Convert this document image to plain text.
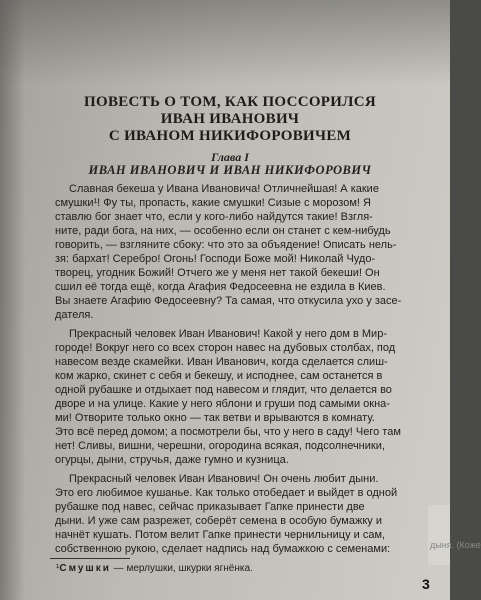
ПОВЕСТЬ О ТОМ, КАК ПОССОРИЛСЯ
ИВАН ИВАНОВИЧ
С ИВАНОМ НИКИФОРОВИЧЕМ
Глава I
ИВАН ИВАНОВИЧ И ИВАН НИКИФОРОВИЧ
Славная бекеша у Ивана Ивановича! Отличнейшая! А какие
смушки¹! Фу ты, пропасть, какие смушки! Сизые с морозом! Я
ставлю бог знает что, если у кого-либо найдутся такие! Взгля-
ните, ради бога, на них, — особенно если он станет с кем-нибудь
говорить, — взгляните сбоку: что это за объядение! Описать нель-
зя: бархат! Серебро! Огонь! Господи Боже мой! Николай Чудо-
творец, угодник Божий! Отчего же у меня нет такой бекеши! Он
сшил её тогда ещё, когда Агафия Федосеевна не ездила в Киев.
Вы знаете Агафию Федосеевну? Та самая, что откусила ухо у засе-
дателя.
Прекрасный человек Иван Иванович! Какой у него дом в Мир-
городе! Вокруг него со всех сторон навес на дубовых столбах, под
навесом везде скамейки. Иван Иванович, когда сделается слиш-
ком жарко, скинет с себя и бекешу, и исподнее, сам останется в
одной рубашке и отдыхает под навесом и глядит, что делается во
дворе и на улице. Какие у него яблони и груши под самыми окна-
ми! Отворите только окно — так ветви и врываются в комнату.
Это всё перед домом; а посмотрели бы, что у него в саду! Чего там
нет! Сливы, вишни, черешни, огородина всякая, подсолнечники,
огурцы, дыни, стручья, даже гумно и кузница.
Прекрасный человек Иван Иванович! Он очень любит дыни.
Это его любимое кушанье. Как только отобедает и выйдет в одной
рубашке под навес, сейчас приказывает Гапке принести две
дыни. И уже сам разрежет, соберёт семена в особую бумажку и
начнёт кушать. Потом велит Гапке принести чернильницу и сам,
собственною рукою, сделает надпись над бумажкою с семенами:	дыня. (Коже
¹Смушки — мерлушки, шкурки ягнёнка.
3
